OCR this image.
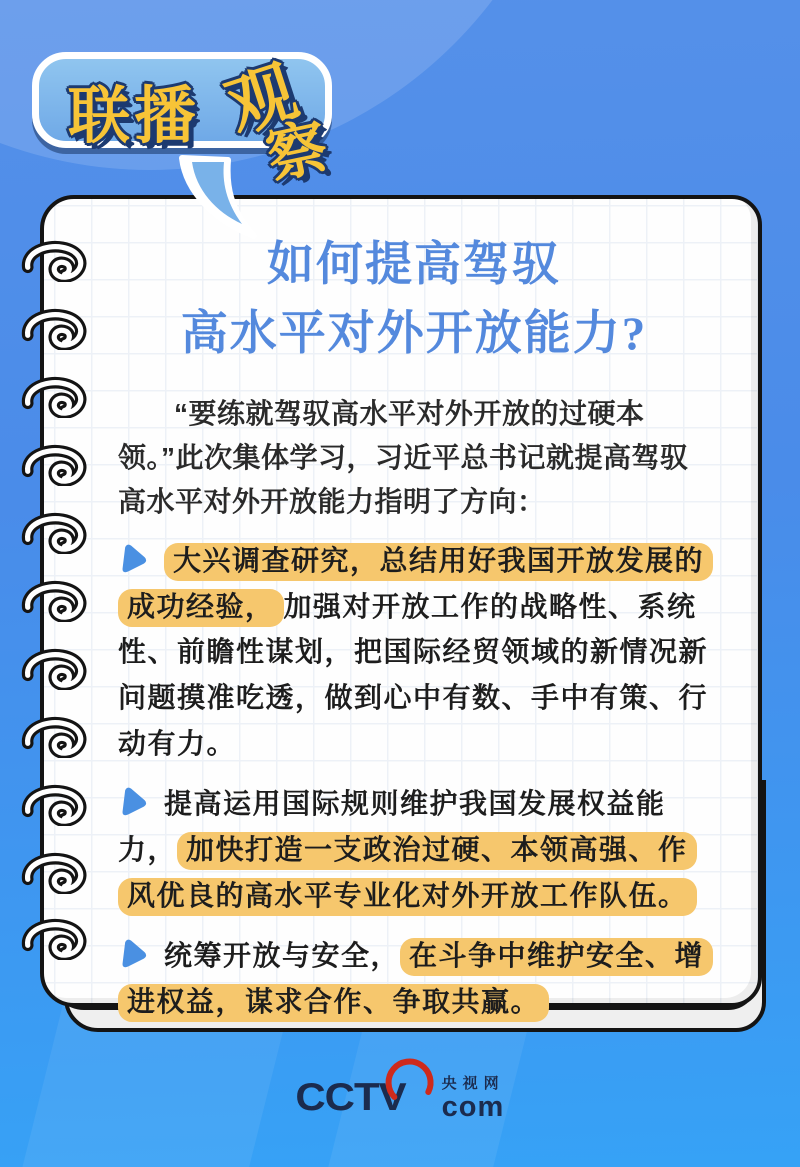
联播 观
察
如何提高驾驭
高水平对外开放能力?

“要练就驾驭高水平对外开放的过硬本领。”此次集体学习，习近平总书记就提高驾驭高水平对外开放能力指明了方向：

大兴调查研究，总结用好我国开放发展的成功经验， 加强对开放工作的战略性、系统性、前瞻性谋划，把国际经贸领域的新情况新问题摸准吃透，做到心中有数、手中有策、行动有力。
提高运用国际规则维护我国发展权益能力， 加快打造一支政治过硬、本领高强、作风优良的高水平专业化对外开放工作队伍。
统筹开放与安全， 在斗争中维护安全、增进权益，谋求合作、争取共赢。
CCTV 央视网
com
